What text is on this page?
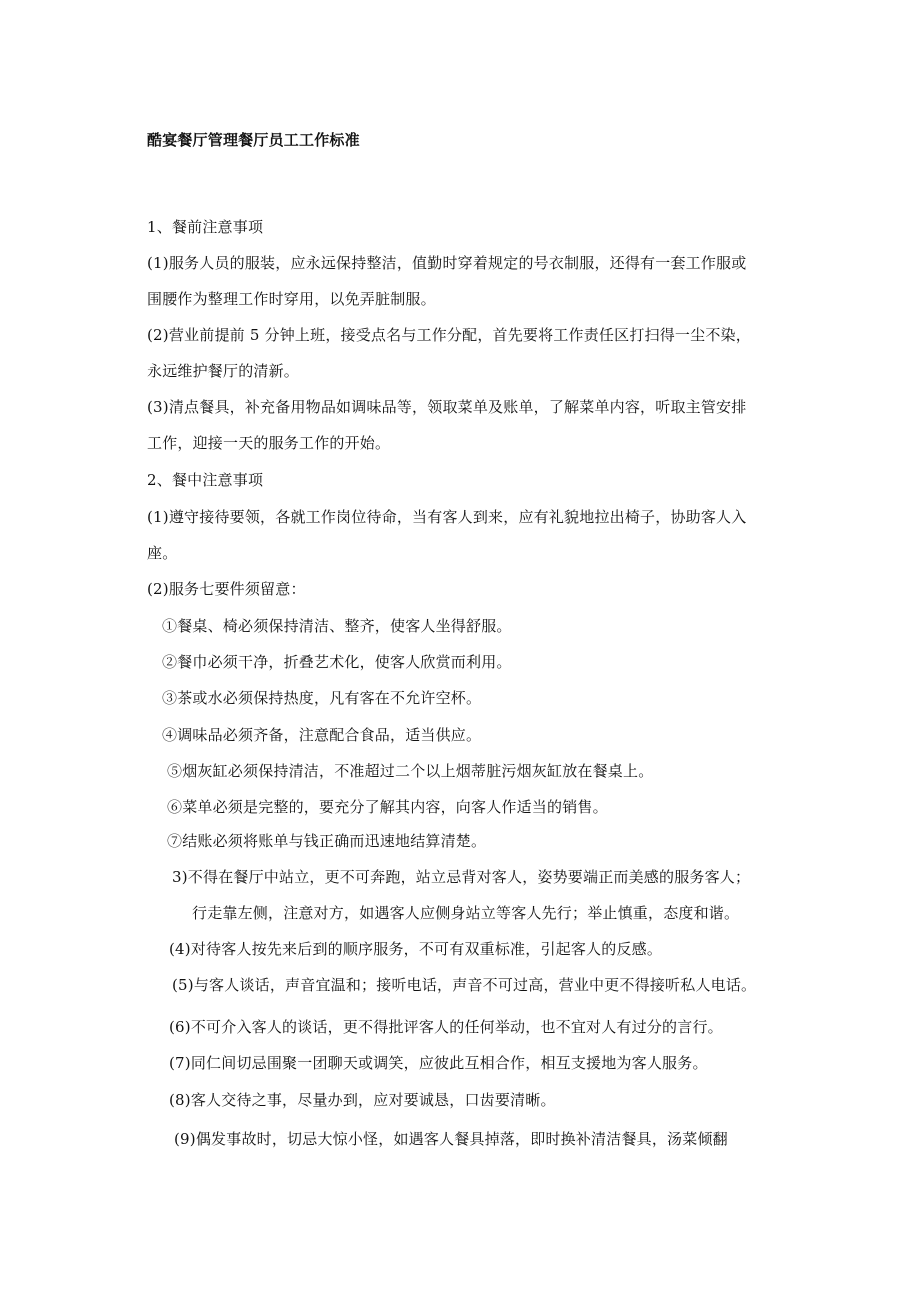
酷宴餐厅管理餐厅员工工作标准
1、餐前注意事项
(1)服务人员的服装，应永远保持整洁，值勤时穿着规定的号衣制服，还得有一套工作服或
围腰作为整理工作时穿用，以免弄脏制服。
(2)营业前提前 5 分钟上班，接受点名与工作分配，首先要将工作责任区打扫得一尘不染，
永远维护餐厅的清新。
(3)清点餐具，补充备用物品如调味品等，领取菜单及账单，了解菜单内容，听取主管安排
工作，迎接一天的服务工作的开始。
2、餐中注意事项
(1)遵守接待要领，各就工作岗位待命，当有客人到来，应有礼貌地拉出椅子，协助客人入
座。
(2)服务七要件须留意：
①餐桌、椅必须保持清洁、整齐，使客人坐得舒服。
②餐巾必须干净，折叠艺术化，使客人欣赏而利用。
③茶或水必须保持热度，凡有客在不允许空杯。
④调味品必须齐备，注意配合食品，适当供应。
⑤烟灰缸必须保持清洁，不准超过二个以上烟蒂脏污烟灰缸放在餐桌上。
⑥菜单必须是完整的，要充分了解其内容，向客人作适当的销售。
⑦结账必须将账单与钱正确而迅速地结算清楚。
3)不得在餐厅中站立，更不可奔跑，站立忌背对客人，姿势要端正而美感的服务客人；
行走靠左侧，注意对方，如遇客人应侧身站立等客人先行；举止慎重，态度和谐。
(4)对待客人按先来后到的顺序服务，不可有双重标准，引起客人的反感。
(5)与客人谈话，声音宜温和；接听电话，声音不可过高，营业中更不得接听私人电话。
(6)不可介入客人的谈话，更不得批评客人的任何举动，也不宜对人有过分的言行。
(7)同仁间切忌围聚一团聊天或调笑，应彼此互相合作，相互支援地为客人服务。
(8)客人交待之事，尽量办到，应对要诚恳，口齿要清晰。
(9)偶发事故时，切忌大惊小怪，如遇客人餐具掉落，即时换补清洁餐具，汤菜倾翻
